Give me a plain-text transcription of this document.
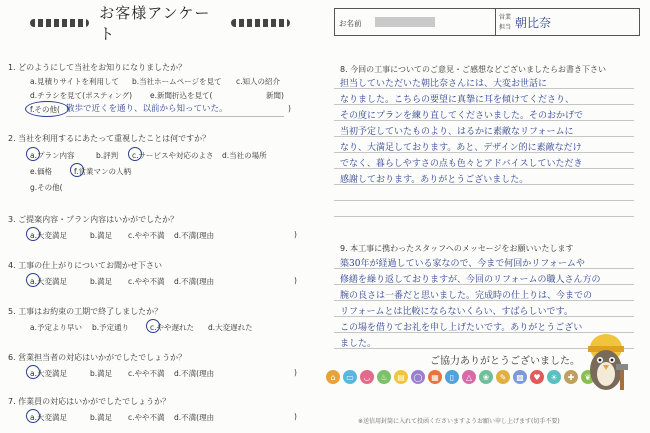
お客様アンケート
1. どのようにして当社をお知りになりましたか？
a.見積りサイトを利用して b.当社ホームページを見て c.知人の紹介
d.チラシを見て(ポスティング) e.新聞折込を見て(	新聞)
f.その他( 散歩で近くを通り、以前から知っていた。	)
2. 当社を利用するにあたって重視したことは何ですか？
a.プラン内容	b.評判 c.サービスや対応のよさ d.当社の場所
e.価格	f.営業マンの人柄
g.その他(
3. ご提案内容・プラン内容はいかがでしたか？
a.大変満足	b.満足 c.やや不満 d.不満(理由	)
4. 工事の仕上がりについてお聞かせ下さい
a.大変満足	b.満足 c.やや不満 d.不満(理由	)
5. 工事はお約束の工期で終了しましたか？
a.予定より早い b.予定通り	c.やや遅れた d.大変遅れた
6. 営業担当者の対応はいかがでしたでしょうか？
a.大変満足	b.満足 c.やや不満 d.不満(理由	)
7. 作業員の対応はいかがでしたでしょうか？
a.大変満足	b.満足 c.やや不満 d.不満(理由	)
お名前
営業
担当 朝比奈
8. 今回の工事についてのご意見・ご感想などございましたらお書き下さい
担当していただいた朝比奈さんには、大変お世話に
なりました。こちらの要望に真摯に耳を傾けてくださり、
その度にプランを練り直してくださいました。そのおかげで
当初予定していたものより、はるかに素敵なリフォームに
なり、大満足しております。あと、デザイン的に素敵なだけ
でなく、暮らしやすさの点も色々とアドバイスしていただき
感謝しております。ありがとうございました。
9. 本工事に携わったスタッフへのメッセージをお願いいたします
築30年が経過している家なので、今まで何回かリフォームや
修繕を繰り返しておりますが、今回のリフォームの職人さん方の
腕の良さは一番だと思いました。完成時の仕上りは、今までの
リフォームとは比較にならないくらい、すばらしいです。
この場を借りてお礼を申し上げたいです。ありがとうござい
ました。
ご協力ありがとうございました。
⌂	▭	◡	♨	▤	◯	▦	▯	△	❀	✎	▩	♥	☀	✚	❦
※送信用封筒に入れて投函くださいますようお願い申し上げます(切手不要)
